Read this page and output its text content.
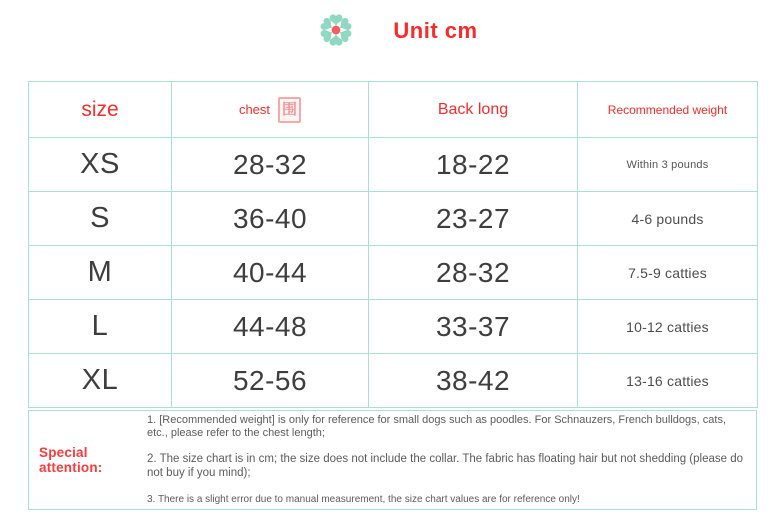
Unit cm
size	chest 围	Back long	Recommended weight
XS	28-32	18-22	Within 3 pounds
S	36-40	23-27	4-6 pounds
M	40-44	28-32	7.5-9 catties
L	44-48	33-37	10-12 catties
XL	52-56	38-42	13-16 catties
Special attention:
1. [Recommended weight] is only for reference for small dogs such as poodles. For Schnauzers, French bulldogs, cats, etc., please refer to the chest length;
2. The size chart is in cm; the size does not include the collar. The fabric has floating hair but not shedding (please do not buy if you mind);
3. There is a slight error due to manual measurement, the size chart values are for reference only!
